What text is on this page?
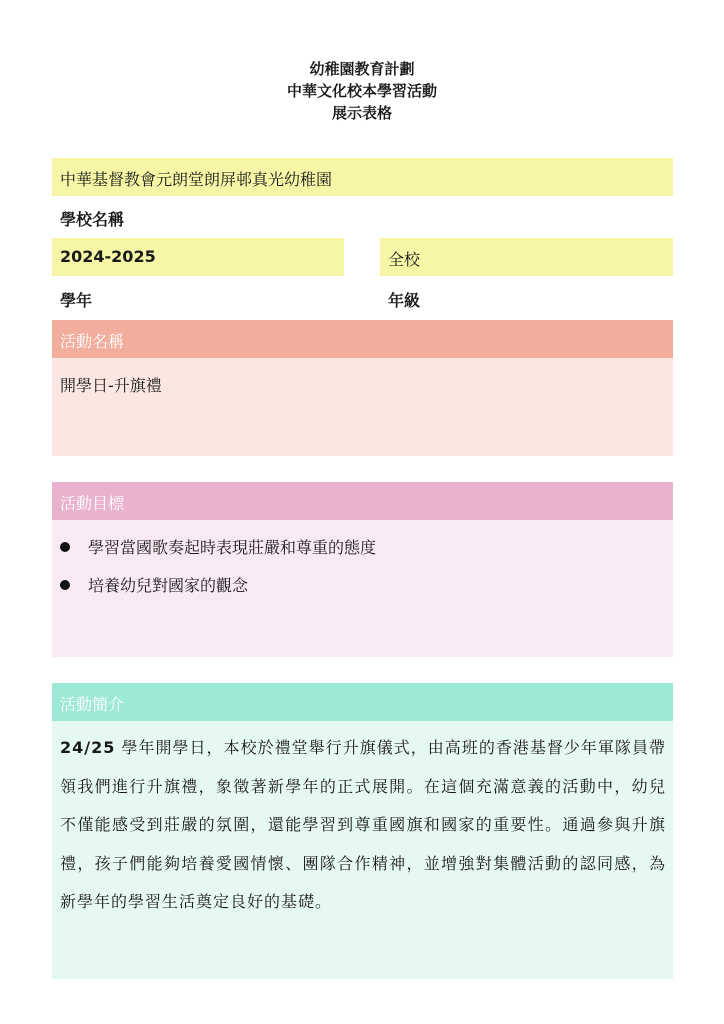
幼稚園教育計劃
中華文化校本學習活動
展示表格
中華基督教會元朗堂朗屏邨真光幼稚園
學校名稱
2024-2025	全校
學年	年級
活動名稱
開學日-升旗禮
活動目標
學習當國歌奏起時表現莊嚴和尊重的態度
培養幼兒對國家的觀念
活動簡介
24/25 學年開學日，本校於禮堂舉行升旗儀式，由高班的香港基督少年軍隊員帶領我們進行升旗禮，象徵著新學年的正式展開。在這個充滿意義的活動中，幼兒不僅能感受到莊嚴的氛圍，還能學習到尊重國旗和國家的重要性。通過參與升旗禮，孩子們能夠培養愛國情懷、團隊合作精神，並增強對集體活動的認同感，為新學年的學習生活奠定良好的基礎。
